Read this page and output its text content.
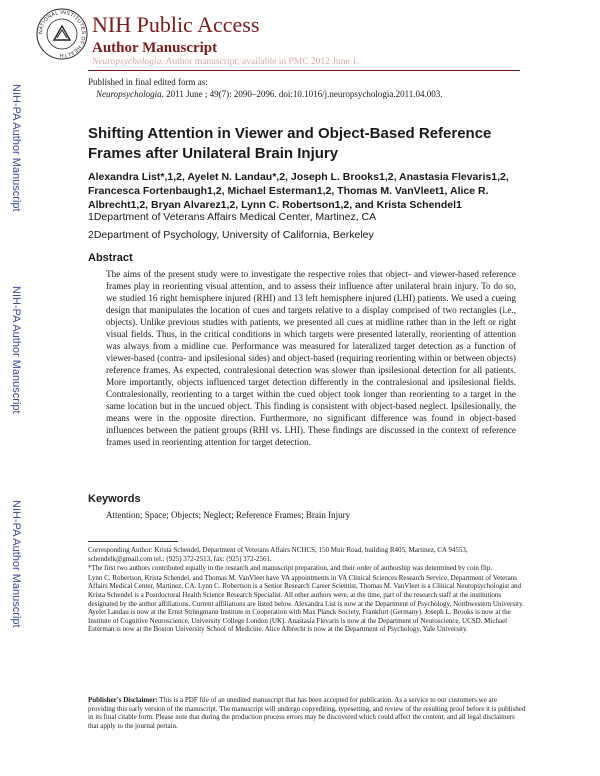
NATIONAL INSTITUTES OF HEALTH
NIH Public Access
Author Manuscript
Neuropsychologia. Author manuscript; available in PMC 2012 June 1.
Published in final edited form as:
Neuropsychologia. 2011 June ; 49(7): 2090–2096. doi:10.1016/j.neuropsychologia.2011.04.003.
NIH-PA Author Manuscript
NIH-PA Author Manuscript
NIH-PA Author Manuscript
Shifting Attention in Viewer and Object-Based Reference Frames after Unilateral Brain Injury
Alexandra List*,1,2, Ayelet N. Landau*,2, Joseph L. Brooks1,2, Anastasia Flevaris1,2, Francesca Fortenbaugh1,2, Michael Esterman1,2, Thomas M. VanVleet1, Alice R. Albrecht1,2, Bryan Alvarez1,2, Lynn C. Robertson1,2, and Krista Schendel1
1Department of Veterans Affairs Medical Center, Martinez, CA
2Department of Psychology, University of California, Berkeley
Abstract

The aims of the present study were to investigate the respective roles that object- and viewer-based reference frames play in reorienting visual attention, and to assess their influence after unilateral brain injury. To do so, we studied 16 right hemisphere injured (RHI) and 13 left hemisphere injured (LHI) patients. We used a cueing design that manipulates the location of cues and targets relative to a display comprised of two rectangles (i.e., objects). Unlike previous studies with patients, we presented all cues at midline rather than in the left or right visual fields. Thus, in the critical conditions in which targets were presented laterally, reorienting of attention was always from a midline cue. Performance was measured for lateralized target detection as a function of viewer-based (contra- and ipsilesional sides) and object-based (requiring reorienting within or between objects) reference frames. As expected, contralesional detection was slower than ipsilesional detection for all patients. More importantly, objects influenced target detection differently in the contralesional and ipsilesional fields. Contralesionally, reorienting to a target within the cued object took longer than reorienting to a target in the same location but in the uncued object. This finding is consistent with object-based neglect. Ipsilesionally, the means were in the opposite direction. Furthermore, no significant difference was found in object-based influences between the patient groups (RHI vs. LHI). These findings are discussed in the context of reference frames used in reorienting attention for target detection.

Keywords

Attention; Space; Objects; Neglect; Reference Frames; Brain Injury

Corresponding Author: Krista Schendel, Department of Veterans Affairs NCHCS, 150 Muir Road, building R405, Martinez, CA 94553, schendelk@gmail.com tel.: (925) 372-2513, fax: (925) 372-2561.

*The first two authors contributed equally in the research and manuscript preparation, and their order of authorship was determined by coin flip.

Lynn C. Robertson, Krista Schendel, and Thomas M. VanVleet have VA appointments in VA Clinical Sciences Research Service, Department of Veterans Affairs Medical Center, Martinez, CA. Lynn C. Robertson is a Senior Research Career Scientist, Thomas M. VanVleet is a Clinical Neuropsychologist and Krista Schendel is a Postdoctoral Health Science Research Specialist. All other authors were, at the time, part of the research staff at the institutions designated by the author affiliations. Current affiliations are listed below. Alexandra List is now at the Department of Psychology, Northwestern University. Ayelet Landau is now at the Ernst Strüngmann Institute in Cooperation with Max Planck Society, Frankfurt (Germany). Joseph L. Brooks is now at the Institute of Cognitive Neuroscience, University College London (UK). Anastasia Flevaris is now at the Department of Neuroscience, UCSD. Michael Esterman is now at the Boston University School of Medicine. Alice Albrecht is now at the Department of Psychology, Yale University.

Publisher's Disclaimer: This is a PDF file of an unedited manuscript that has been accepted for publication. As a service to our customers we are providing this early version of the manuscript. The manuscript will undergo copyediting, typesetting, and review of the resulting proof before it is published in its final citable form. Please note that during the production process errors may be discovered which could affect the content, and all legal disclaimers that apply to the journal pertain.
